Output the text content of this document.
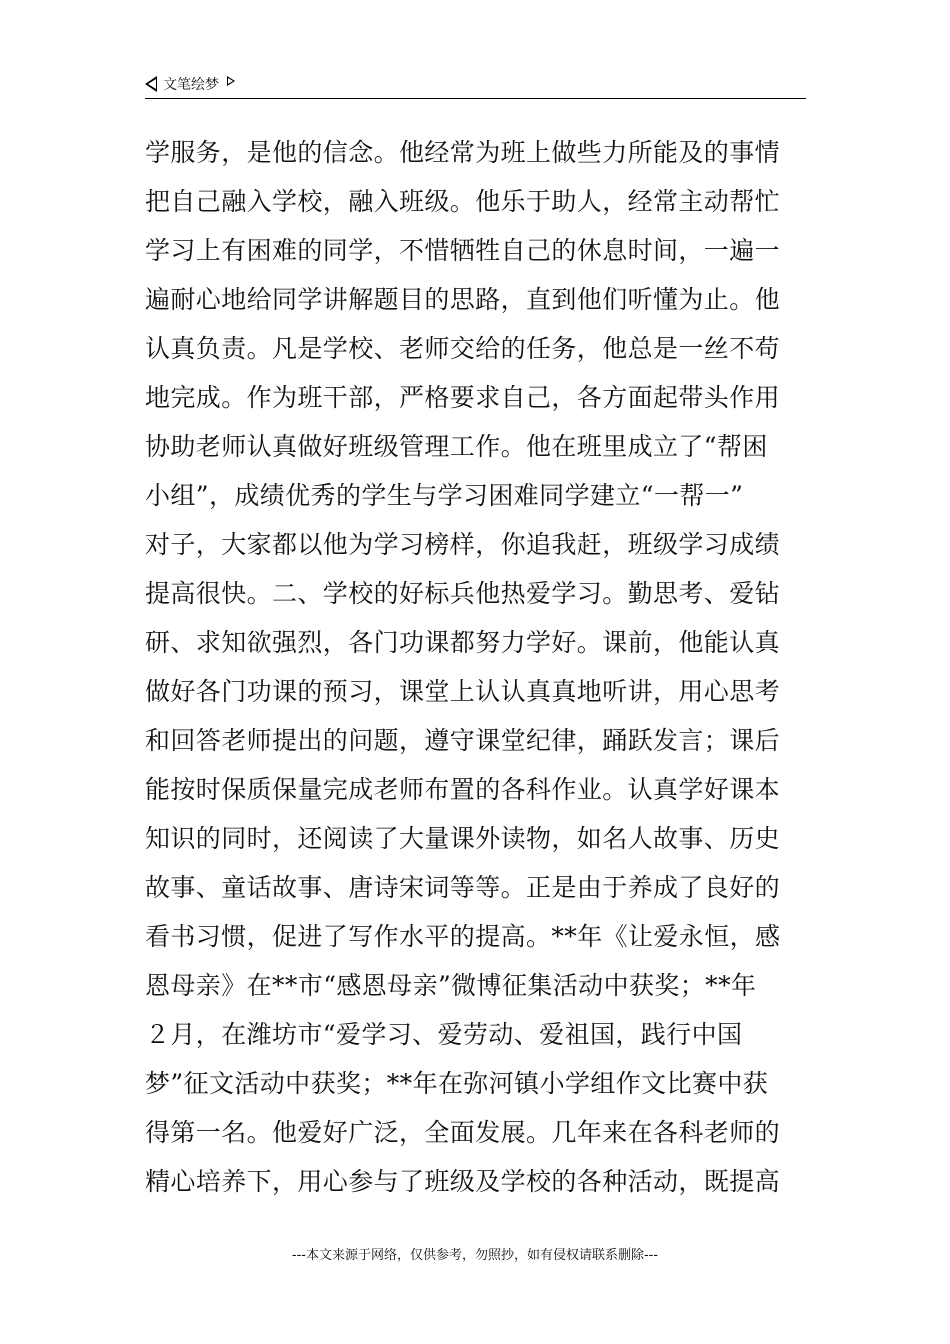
文笔绘梦
学服务，是他的信念。他经常为班上做些力所能及的事情
把自己融入学校，融入班级。他乐于助人，经常主动帮忙
学习上有困难的同学，不惜牺牲自己的休息时间，一遍一
遍耐心地给同学讲解题目的思路，直到他们听懂为止。他
认真负责。凡是学校、老师交给的任务，他总是一丝不苟
地完成。作为班干部，严格要求自己，各方面起带头作用
协助老师认真做好班级管理工作。他在班里成立了“帮困
小组”，成绩优秀的学生与学习困难同学建立“一帮一”
对子，大家都以他为学习榜样，你追我赶，班级学习成绩
提高很快。二、学校的好标兵他热爱学习。勤思考、爱钻
研、求知欲强烈，各门功课都努力学好。课前，他能认真
做好各门功课的预习，课堂上认认真真地听讲，用心思考
和回答老师提出的问题，遵守课堂纪律，踊跃发言；课后
能按时保质保量完成老师布置的各科作业。认真学好课本
知识的同时，还阅读了大量课外读物，如名人故事、历史
故事、童话故事、唐诗宋词等等。正是由于养成了良好的
看书习惯，促进了写作水平的提高。**年《让爱永恒，感
恩母亲》在**市“感恩母亲”微博征集活动中获奖；**年
２月，在潍坊市“爱学习、爱劳动、爱祖国，践行中国
梦”征文活动中获奖；**年在弥河镇小学组作文比赛中获
得第一名。他爱好广泛，全面发展。几年来在各科老师的
精心培养下，用心参与了班级及学校的各种活动，既提高
---本文来源于网络，仅供参考，勿照抄，如有侵权请联系删除---
